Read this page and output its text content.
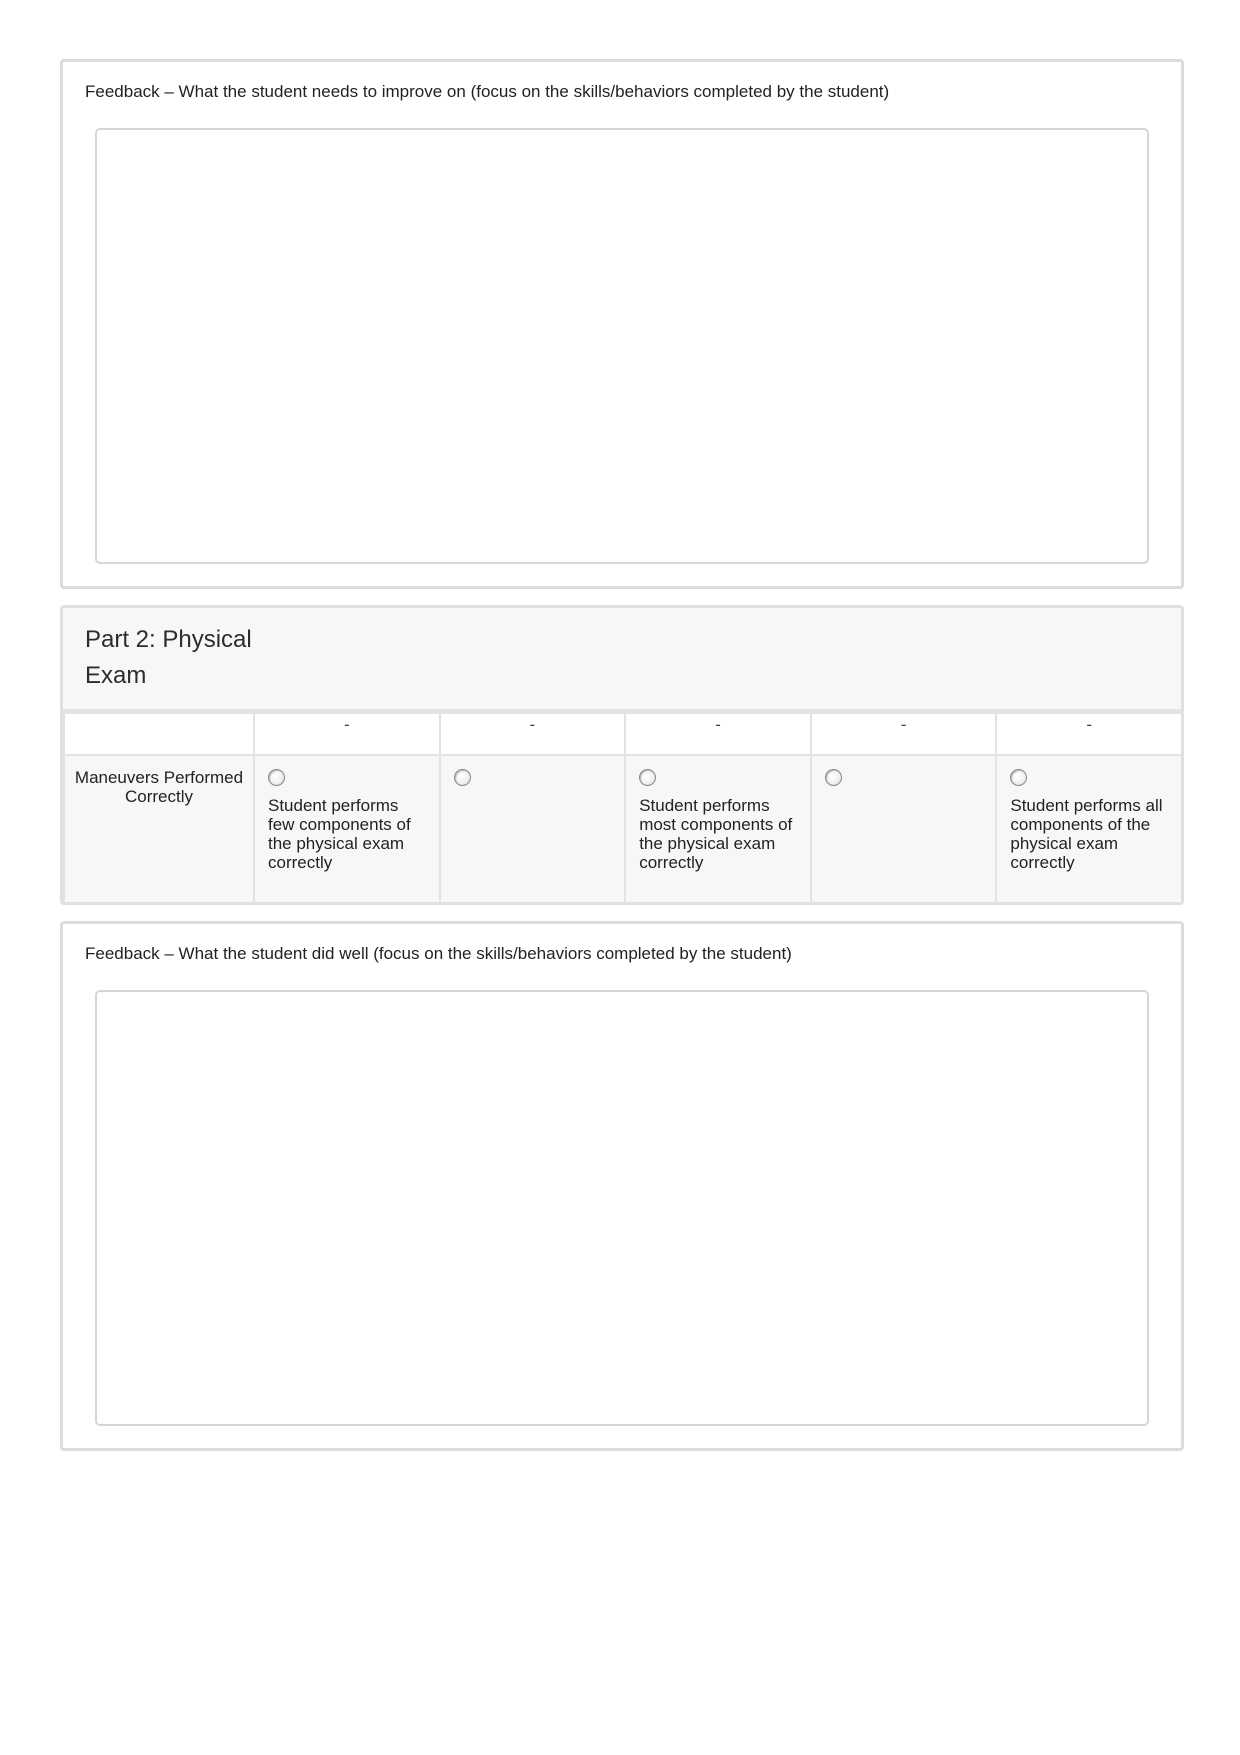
Feedback – What the student needs to improve on (focus on the skills/behaviors completed by the student)
Part 2: Physical Exam
	-	-	-	-	-
Maneuvers Performed Correctly	Student performs few components of the physical exam correctly		Student performs most components of the physical exam correctly		Student performs all components of the physical exam correctly
Feedback – What the student did well (focus on the skills/behaviors completed by the student)
